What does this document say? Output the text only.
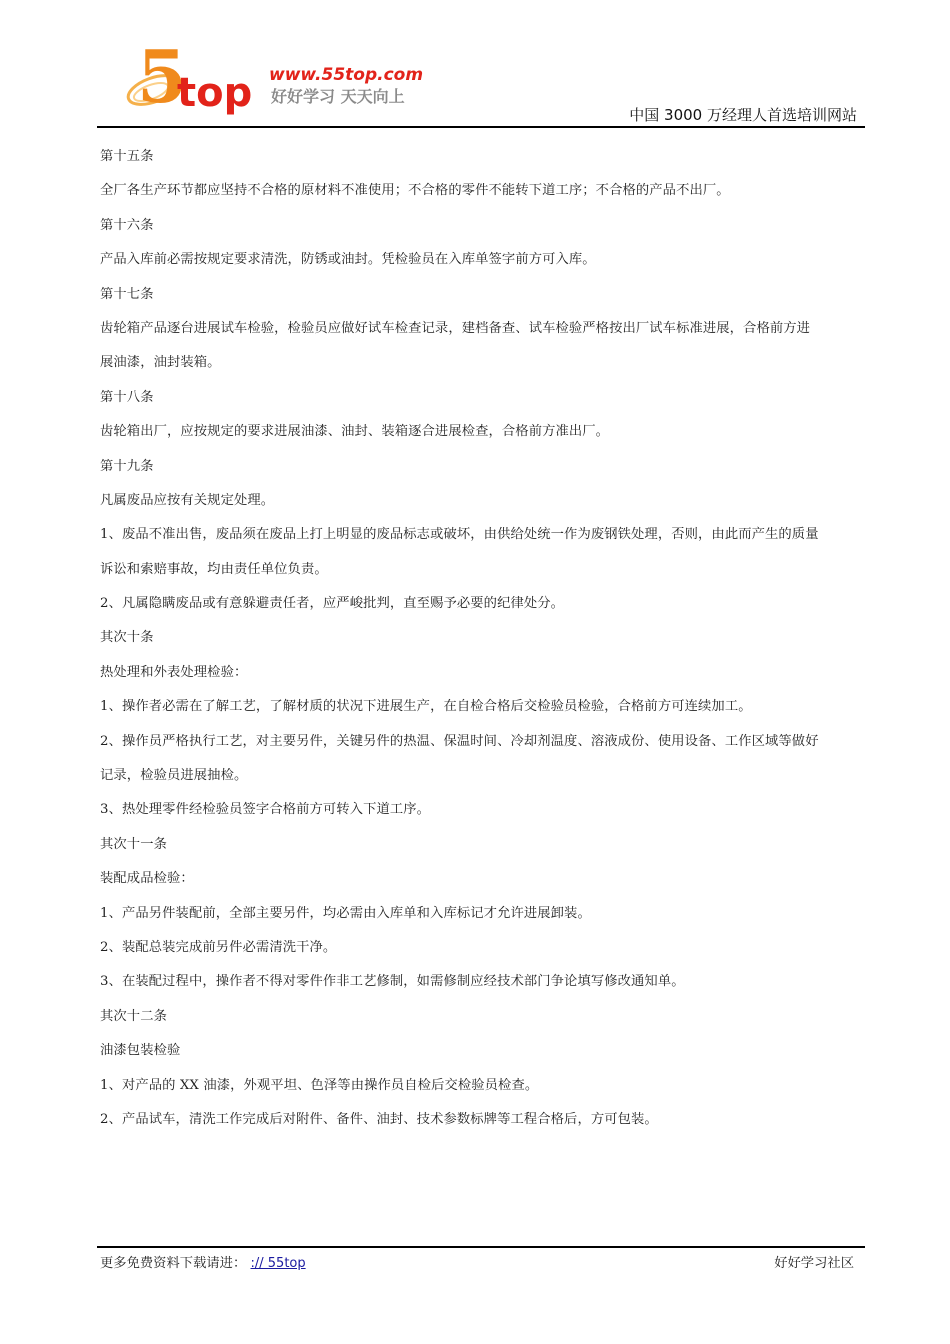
5
top www.55top.com
好好学习 天天向上
中国 3000 万经理人首选培训网站
第十五条
全厂各生产环节都应坚持不合格的原材料不准使用；不合格的零件不能转下道工序；不合格的产品不出厂。
第十六条
产品入库前必需按规定要求清洗，防锈或油封。凭检验员在入库单签字前方可入库。
第十七条
齿轮箱产品逐台进展试车检验，检验员应做好试车检查记录，建档备查、试车检验严格按出厂试车标准进展，合格前方进
展油漆，油封装箱。
第十八条
齿轮箱出厂，应按规定的要求进展油漆、油封、装箱逐合进展检查，合格前方准出厂。
第十九条
凡属废品应按有关规定处理。
1、废品不准出售，废品须在废品上打上明显的废品标志或破坏，由供给处统一作为废钢铁处理，否则，由此而产生的质量
诉讼和索赔事故，均由责任单位负责。
2、凡属隐瞒废品或有意躲避责任者，应严峻批判，直至赐予必要的纪律处分。
其次十条
热处理和外表处理检验：
1、操作者必需在了解工艺，了解材质的状况下进展生产，在自检合格后交检验员检验，合格前方可连续加工。
2、操作员严格执行工艺，对主要另件，关键另件的热温、保温时间、冷却剂温度、溶液成份、使用设备、工作区域等做好
记录，检验员进展抽检。
3、热处理零件经检验员签字合格前方可转入下道工序。
其次十一条
装配成品检验：
1、产品另件装配前，全部主要另件，均必需由入库单和入库标记才允许进展卸装。
2、装配总装完成前另件必需清洗干净。
3、在装配过程中，操作者不得对零件作非工艺修制，如需修制应经技术部门争论填写修改通知单。
其次十二条
油漆包装检验
1、对产品的 XX 油漆，外观平坦、色泽等由操作员自检后交检验员检查。
2、产品试车，清洗工作完成后对附件、备件、油封、技术参数标牌等工程合格后，方可包装。
更多免费资料下载请进： :// 55top	好好学习社区
